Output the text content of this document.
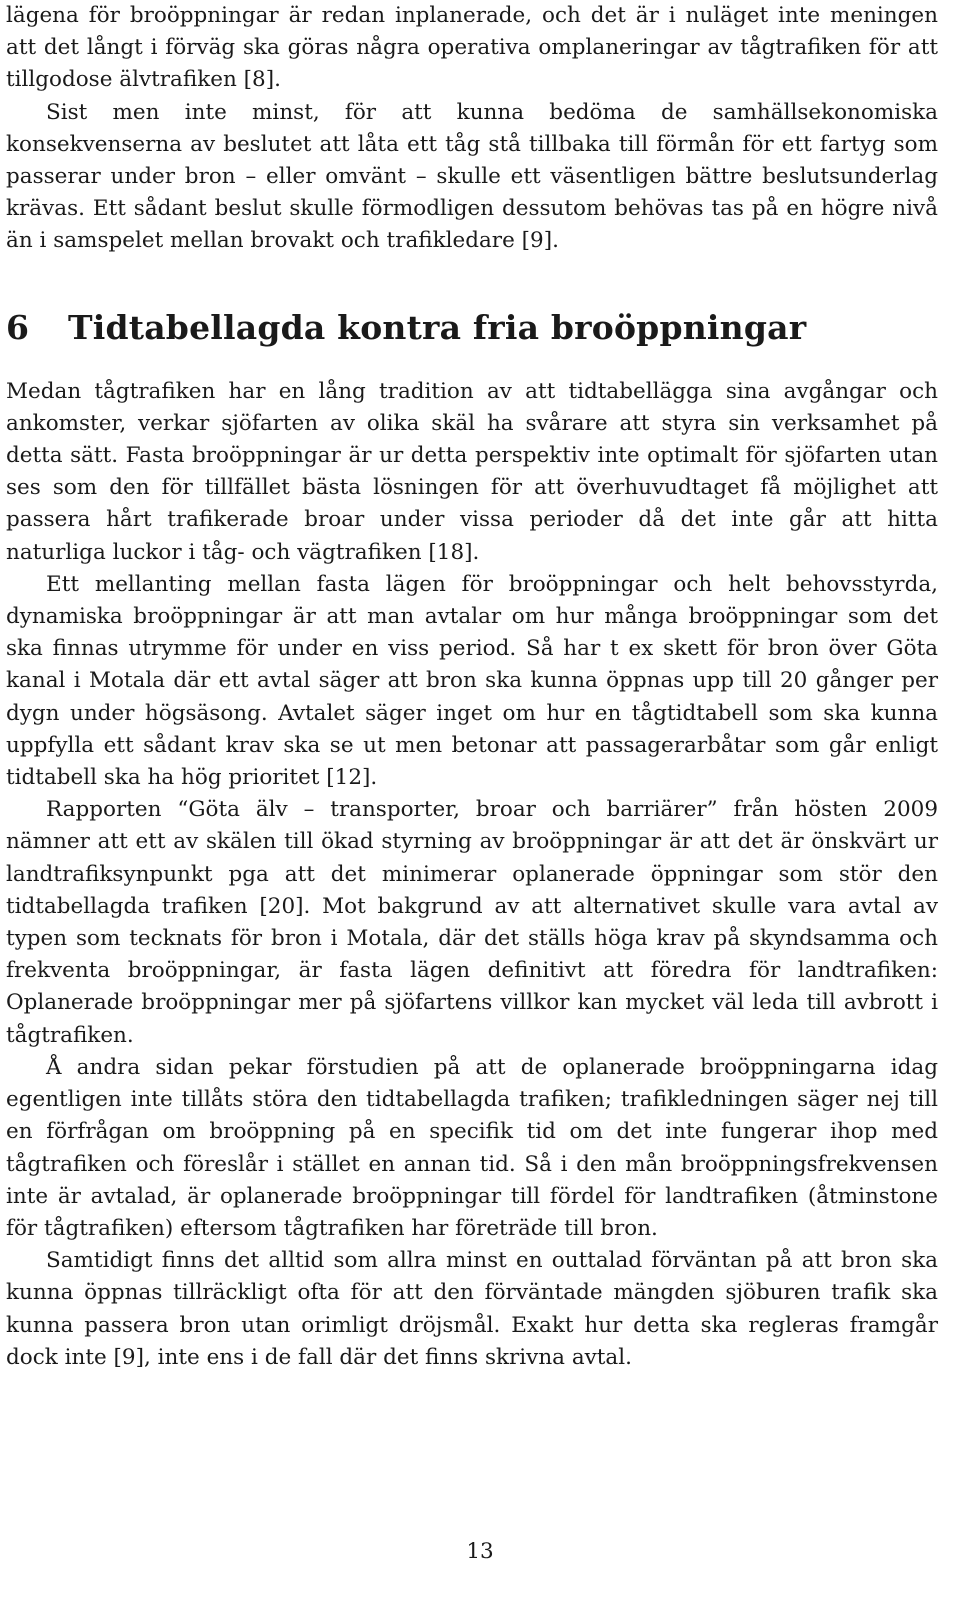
lägena för broöppningar är redan inplanerade, och det är i nuläget inte meningen att det långt i förväg ska göras några operativa omplaneringar av tågtrafiken för att tillgodose älvtrafiken [8].

Sist men inte minst, för att kunna bedöma de samhällsekonomiska konsekvenserna av beslutet att låta ett tåg stå tillbaka till förmån för ett fartyg som passerar under bron – eller omvänt – skulle ett väsentligen bättre beslutsunderlag krävas. Ett sådant beslut skulle förmodligen dessutom behövas tas på en högre nivå än i samspelet mellan brovakt och trafikledare [9].

6 Tidtabellagda kontra fria broöppningar

Medan tågtrafiken har en lång tradition av att tidtabellägga sina avgångar och ankomster, verkar sjöfarten av olika skäl ha svårare att styra sin verksamhet på detta sätt. Fasta broöppningar är ur detta perspektiv inte optimalt för sjöfarten utan ses som den för tillfället bästa lösningen för att överhuvudtaget få möjlighet att passera hårt trafikerade broar under vissa perioder då det inte går att hitta naturliga luckor i tåg- och vägtrafiken [18].

Ett mellanting mellan fasta lägen för broöppningar och helt behovsstyrda, dynamiska broöppningar är att man avtalar om hur många broöppningar som det ska finnas utrymme för under en viss period. Så har t ex skett för bron över Göta kanal i Motala där ett avtal säger att bron ska kunna öppnas upp till 20 gånger per dygn under högsäsong. Avtalet säger inget om hur en tågtidtabell som ska kunna uppfylla ett sådant krav ska se ut men betonar att passagerarbåtar som går enligt tidtabell ska ha hög prioritet [12].

Rapporten “Göta älv – transporter, broar och barriärer” från hösten 2009 nämner att ett av skälen till ökad styrning av broöppningar är att det är önskvärt ur landtrafiksynpunkt pga att det minimerar oplanerade öppningar som stör den tidtabellagda trafiken [20]. Mot bakgrund av att alternativet skulle vara avtal av typen som tecknats för bron i Motala, där det ställs höga krav på skyndsamma och frekventa broöppningar, är fasta lägen definitivt att föredra för landtrafiken: Oplanerade broöppningar mer på sjöfartens villkor kan mycket väl leda till avbrott i tågtrafiken.

Å andra sidan pekar förstudien på att de oplanerade broöppningarna idag egentligen inte tillåts störa den tidtabellagda trafiken; trafikledningen säger nej till en förfrågan om broöppning på en specifik tid om det inte fungerar ihop med tågtrafiken och föreslår i stället en annan tid. Så i den mån broöppningsfrekvensen inte är avtalad, är oplanerade broöppningar till fördel för landtrafiken (åtminstone för tågtrafiken) eftersom tågtrafiken har företräde till bron.

Samtidigt finns det alltid som allra minst en outtalad förväntan på att bron ska kunna öppnas tillräckligt ofta för att den förväntade mängden sjöburen trafik ska kunna passera bron utan orimligt dröjsmål. Exakt hur detta ska regleras framgår dock inte [9], inte ens i de fall där det finns skrivna avtal.

13
